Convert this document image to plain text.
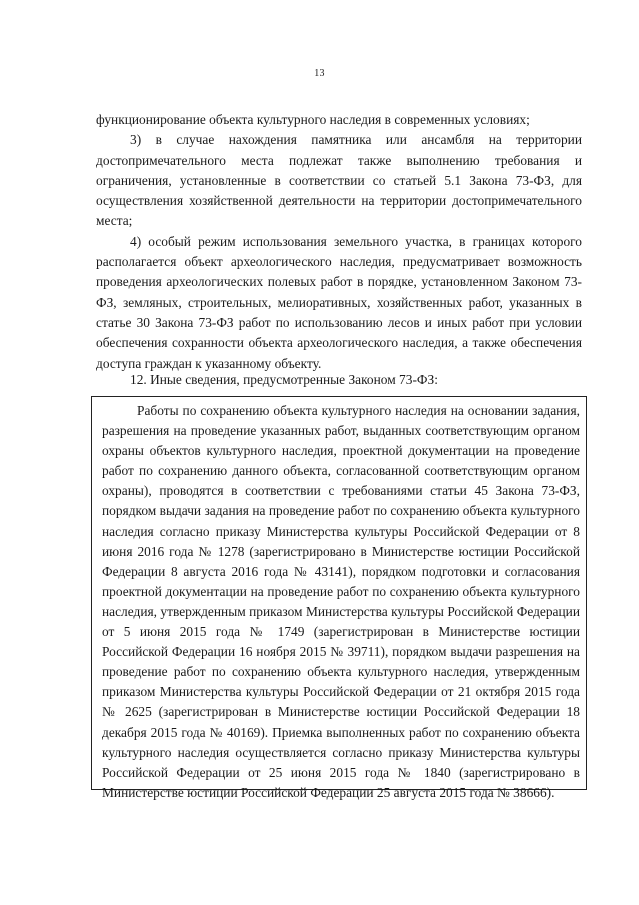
13

функционирование объекта культурного наследия в современных условиях;

3) в случае нахождения памятника или ансамбля на территории достопримечательного места подлежат также выполнению требования и ограничения, установленные в соответствии со статьей 5.1 Закона 73-ФЗ, для осуществления хозяйственной деятельности на территории достопримечательного места;

4) особый режим использования земельного участка, в границах которого располагается объект археологического наследия, предусматривает возможность проведения археологических полевых работ в порядке, установленном Законом 73-ФЗ, земляных, строительных, мелиоративных, хозяйственных работ, указанных в статье 30 Закона 73-ФЗ работ по использованию лесов и иных работ при условии обеспечения сохранности объекта археологического наследия, а также обеспечения доступа граждан к указанному объекту.

12. Иные сведения, предусмотренные Законом 73-ФЗ:

Работы по сохранению объекта культурного наследия на основании задания, разрешения на проведение указанных работ, выданных соответствующим органом охраны объектов культурного наследия, проектной документации на проведение работ по сохранению данного объекта, согласованной соответствующим органом охраны), проводятся в соответствии с требованиями статьи 45 Закона 73-ФЗ, порядком выдачи задания на проведение работ по сохранению объекта культурного наследия согласно приказу Министерства культуры Российской Федерации от 8 июня 2016 года № 1278 (зарегистрировано в Министерстве юстиции Российской Федерации 8 августа 2016 года № 43141), порядком подготовки и согласования проектной документации на проведение работ по сохранению объекта культурного наследия, утвержденным приказом Министерства культуры Российской Федерации от 5 июня 2015 года № 1749 (зарегистрирован в Министерстве юстиции Российской Федерации 16 ноября 2015 № 39711), порядком выдачи разрешения на проведение работ по сохранению объекта культурного наследия, утвержденным приказом Министерства культуры Российской Федерации от 21 октября 2015 года № 2625 (зарегистрирован в Министерстве юстиции Российской Федерации 18 декабря 2015 года № 40169). Приемка выполненных работ по сохранению объекта культурного наследия осуществляется согласно приказу Министерства культуры Российской Федерации от 25 июня 2015 года № 1840 (зарегистрировано в Министерстве юстиции Российской Федерации 25 августа 2015 года № 38666).
